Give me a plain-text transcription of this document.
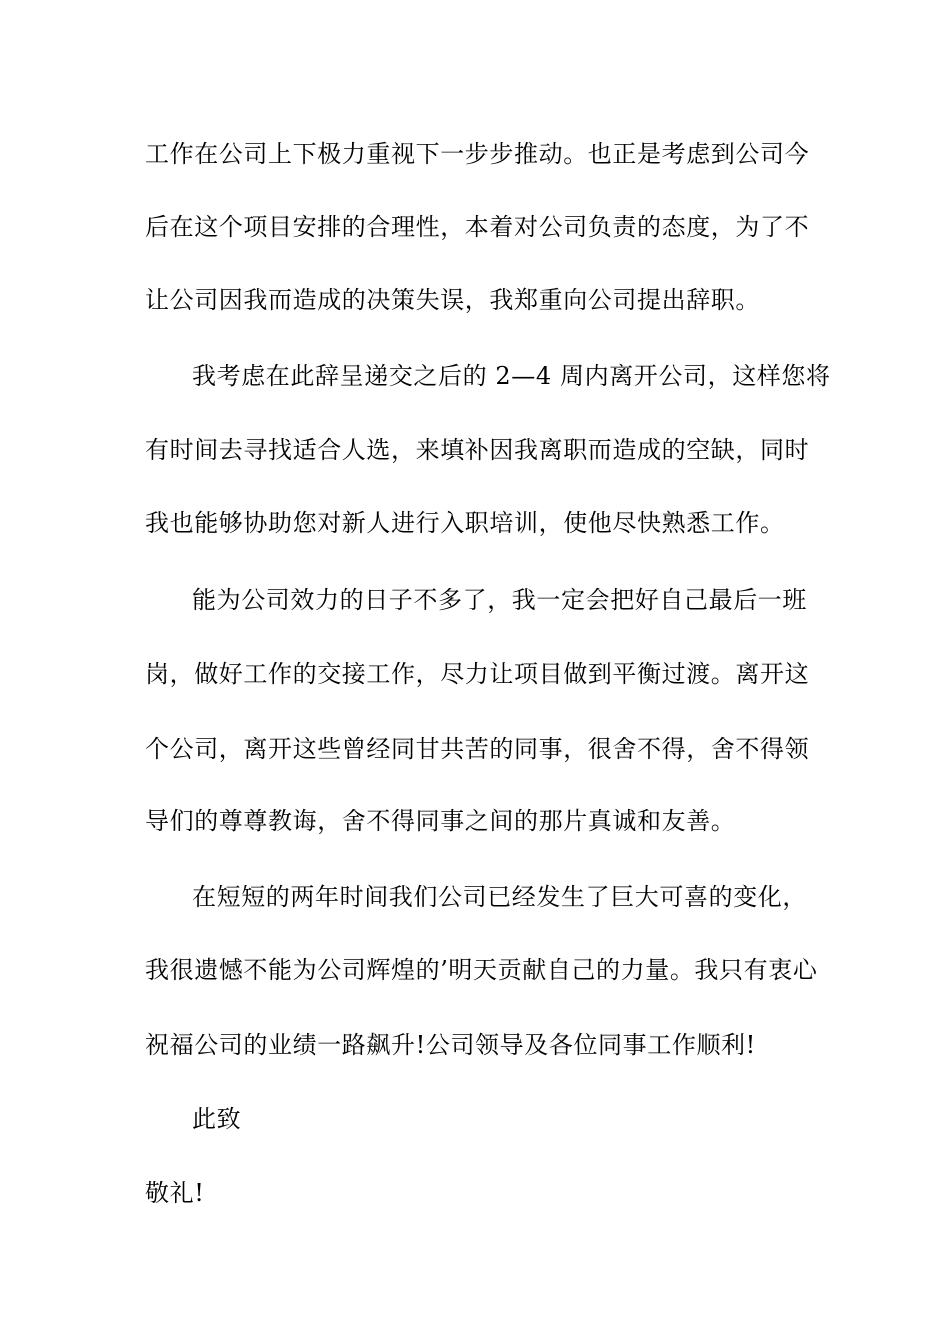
工作在公司上下极力重视下一步步推动。也正是考虑到公司今
后在这个项目安排的合理性，本着对公司负责的态度，为了不
让公司因我而造成的决策失误，我郑重向公司提出辞职。
我考虑在此辞呈递交之后的 2—4 周内离开公司，这样您将
有时间去寻找适合人选，来填补因我离职而造成的空缺，同时
我也能够协助您对新人进行入职培训，使他尽快熟悉工作。
能为公司效力的日子不多了，我一定会把好自己最后一班
岗，做好工作的交接工作，尽力让项目做到平衡过渡。离开这
个公司，离开这些曾经同甘共苦的同事，很舍不得，舍不得领
导们的尊尊教诲，舍不得同事之间的那片真诚和友善。
在短短的两年时间我们公司已经发生了巨大可喜的变化，
我很遗憾不能为公司辉煌的’明天贡献自己的力量。我只有衷心
祝福公司的业绩一路飙升!公司领导及各位同事工作顺利!
此致
敬礼!
